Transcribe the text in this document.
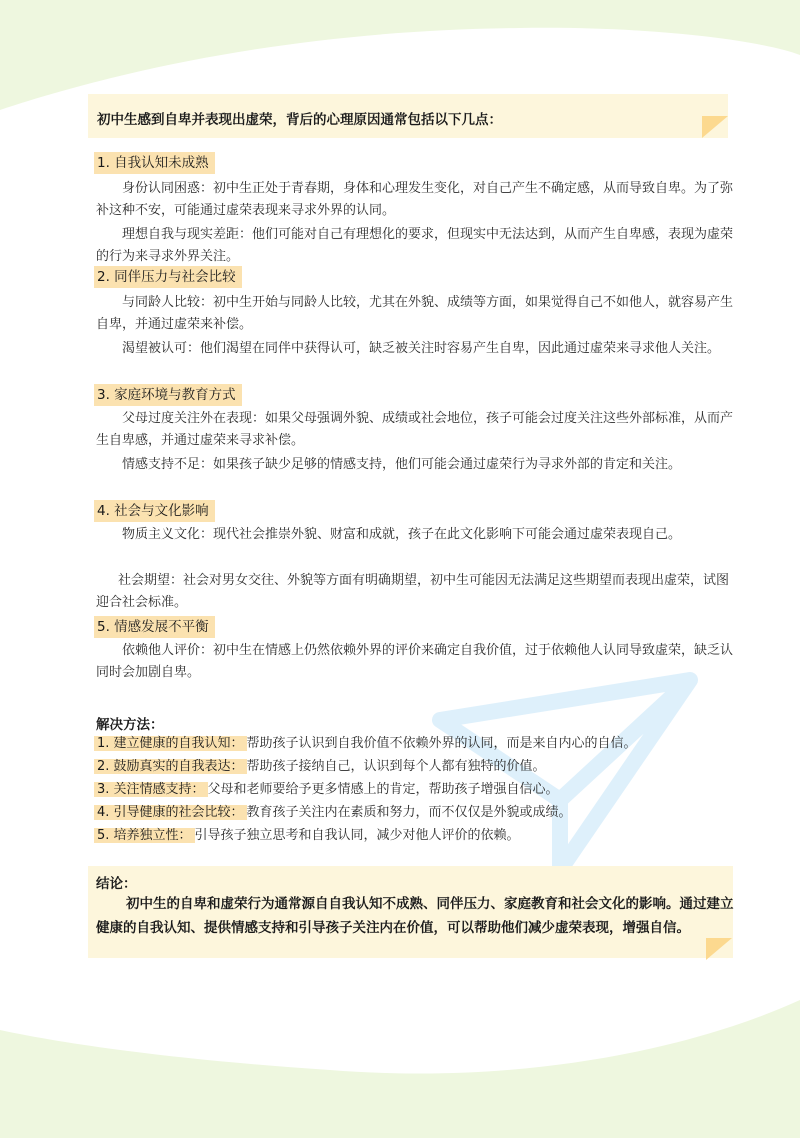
初中生感到自卑并表现出虚荣，背后的心理原因通常包括以下几点：
1. 自我认知未成熟
身份认同困惑：初中生正处于青春期，身体和心理发生变化，对自己产生不确定感，从而导致自卑。为了弥补这种不安，可能通过虚荣表现来寻求外界的认同。
理想自我与现实差距：他们可能对自己有理想化的要求，但现实中无法达到，从而产生自卑感，表现为虚荣的行为来寻求外界关注。
2. 同伴压力与社会比较
与同龄人比较：初中生开始与同龄人比较，尤其在外貌、成绩等方面，如果觉得自己不如他人，就容易产生自卑，并通过虚荣来补偿。
渴望被认可：他们渴望在同伴中获得认可，缺乏被关注时容易产生自卑，因此通过虚荣来寻求他人关注。
3. 家庭环境与教育方式
父母过度关注外在表现：如果父母强调外貌、成绩或社会地位，孩子可能会过度关注这些外部标准，从而产生自卑感，并通过虚荣来寻求补偿。
情感支持不足：如果孩子缺少足够的情感支持，他们可能会通过虚荣行为寻求外部的肯定和关注。
4. 社会与文化影响
物质主义文化：现代社会推崇外貌、财富和成就，孩子在此文化影响下可能会通过虚荣表现自己。
社会期望：社会对男女交往、外貌等方面有明确期望，初中生可能因无法满足这些期望而表现出虚荣，试图迎合社会标准。
5. 情感发展不平衡
依赖他人评价：初中生在情感上仍然依赖外界的评价来确定自我价值，过于依赖他人认同导致虚荣，缺乏认同时会加剧自卑。
解决方法：
1. 建立健康的自我认知： 帮助孩子认识到自我价值不依赖外界的认同，而是来自内心的自信。
2. 鼓励真实的自我表达： 帮助孩子接纳自己，认识到每个人都有独特的价值。
3. 关注情感支持： 父母和老师要给予更多情感上的肯定，帮助孩子增强自信心。
4. 引导健康的社会比较： 教育孩子关注内在素质和努力，而不仅仅是外貌或成绩。
5. 培养独立性： 引导孩子独立思考和自我认同，减少对他人评价的依赖。
结论：
初中生的自卑和虚荣行为通常源自自我认知不成熟、同伴压力、家庭教育和社会文化的影响。通过建立健康的自我认知、提供情感支持和引导孩子关注内在价值，可以帮助他们减少虚荣表现，增强自信。
